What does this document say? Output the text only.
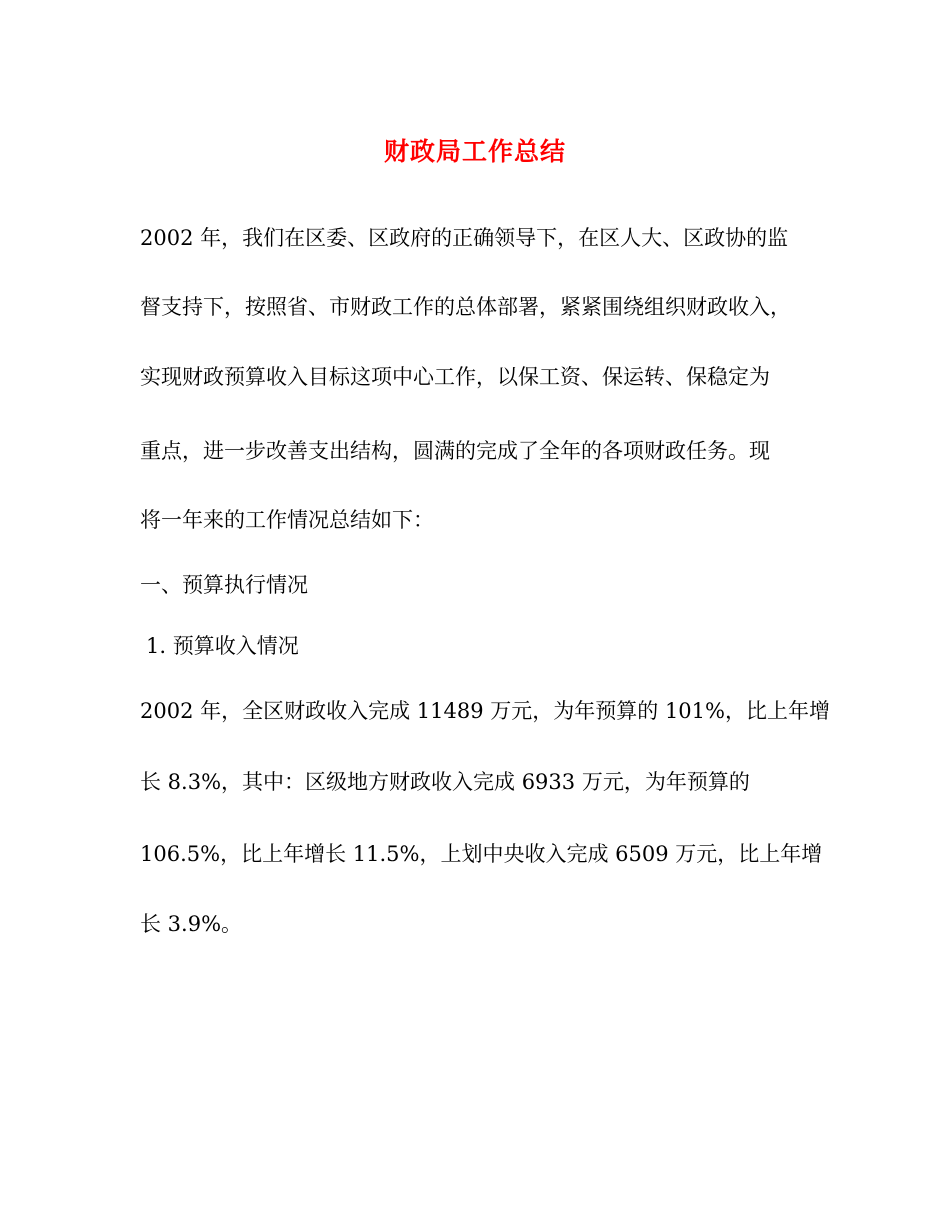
财政局工作总结
2002 年，我们在区委、区政府的正确领导下，在区人大、区政协的监
督支持下，按照省、市财政工作的总体部署，紧紧围绕组织财政收入，
实现财政预算收入目标这项中心工作，以保工资、保运转、保稳定为
重点，进一步改善支出结构，圆满的完成了全年的各项财政任务。现
将一年来的工作情况总结如下：
一、预算执行情况
1. 预算收入情况
2002 年，全区财政收入完成 11489 万元，为年预算的 101%，比上年增
长 8.3%，其中：区级地方财政收入完成 6933 万元，为年预算的
106.5%，比上年增长 11.5%，上划中央收入完成 6509 万元，比上年增
长 3.9%。
